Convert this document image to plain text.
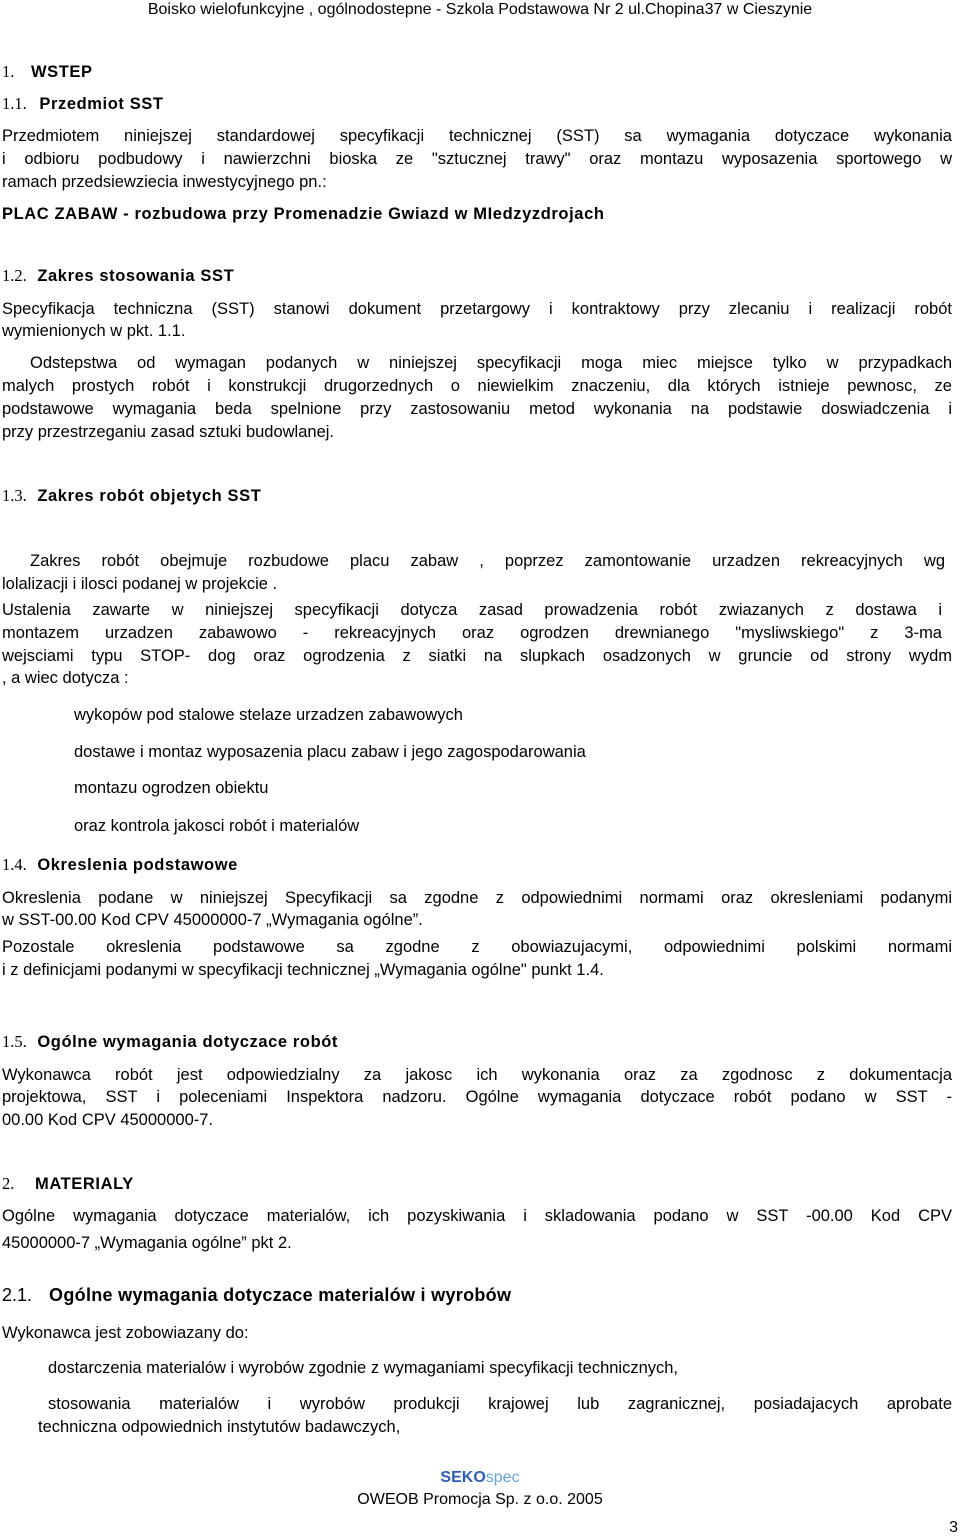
Boisko wielofunkcyjne , ogólnodostepne - Szkola Podstawowa Nr 2 ul.Chopina37 w Cieszynie
1. WSTEP
1.1. Przedmiot SST
Przedmiotem niniejszej standardowej specyfikacji technicznej (SST) sa wymagania dotyczace wykonania
i odbioru podbudowy i nawierzchni bioska ze "sztucznej trawy" oraz montazu wyposazenia sportowego w
ramach przedsiewziecia inwestycyjnego pn.:
PLAC ZABAW - rozbudowa przy Promenadzie Gwiazd w MIedzyzdrojach
1.2. Zakres stosowania SST
Specyfikacja techniczna (SST) stanowi dokument przetargowy i kontraktowy przy zlecaniu i realizacji robót
wymienionych w pkt. 1.1.
Odstepstwa od wymagan podanych w niniejszej specyfikacji moga miec miejsce tylko w przypadkach
malych prostych robót i konstrukcji drugorzednych o niewielkim znaczeniu, dla których istnieje pewnosc, ze
podstawowe wymagania beda spelnione przy zastosowaniu metod wykonania na podstawie doswiadczenia i
przy przestrzeganiu zasad sztuki budowlanej.
1.3. Zakres robót objetych SST
Zakres robót obejmuje rozbudowe placu zabaw , poprzez zamontowanie urzadzen rekreacyjnych wg
lolalizacji i ilosci podanej w projekcie .
Ustalenia zawarte w niniejszej specyfikacji dotycza zasad prowadzenia robót zwiazanych z dostawa i
montazem urzadzen zabawowo - rekreacyjnych oraz ogrodzen drewnianego "mysliwskiego" z 3-ma
wejsciami typu STOP- dog oraz ogrodzenia z siatki na slupkach osadzonych w gruncie od strony wydm
, a wiec dotycza :
wykopów pod stalowe stelaze urzadzen zabawowych
dostawe i montaz wyposazenia placu zabaw i jego zagospodarowania
montazu ogrodzen obiektu
oraz kontrola jakosci robót i materialów
1.4. Okreslenia podstawowe
Okreslenia podane w niniejszej Specyfikacji sa zgodne z odpowiednimi normami oraz okresleniami podanymi
w SST-00.00 Kod CPV 45000000-7 „Wymagania ogólne”.
Pozostale okreslenia podstawowe sa zgodne z obowiazujacymi, odpowiednimi polskimi normami
i z definicjami podanymi w specyfikacji technicznej „Wymagania ogólne" punkt 1.4.
1.5. Ogólne wymagania dotyczace robót
Wykonawca robót jest odpowiedzialny za jakosc ich wykonania oraz za zgodnosc z dokumentacja
projektowa, SST i poleceniami Inspektora nadzoru. Ogólne wymagania dotyczace robót podano w SST -
00.00 Kod CPV 45000000-7.
2. MATERIALY
Ogólne wymagania dotyczace materialów, ich pozyskiwania i skladowania podano w SST -00.00 Kod CPV
45000000-7 „Wymagania ogólne” pkt 2.
2.1. Ogólne wymagania dotyczace materialów i wyrobów
Wykonawca jest zobowiazany do:
dostarczenia materialów i wyrobów zgodnie z wymaganiami specyfikacji technicznych,
stosowania materialów i wyrobów produkcji krajowej lub zagranicznej, posiadajacych aprobate
techniczna odpowiednich instytutów badawczych,
SEKOspec
OWEOB Promocja Sp. z o.o. 2005
3
